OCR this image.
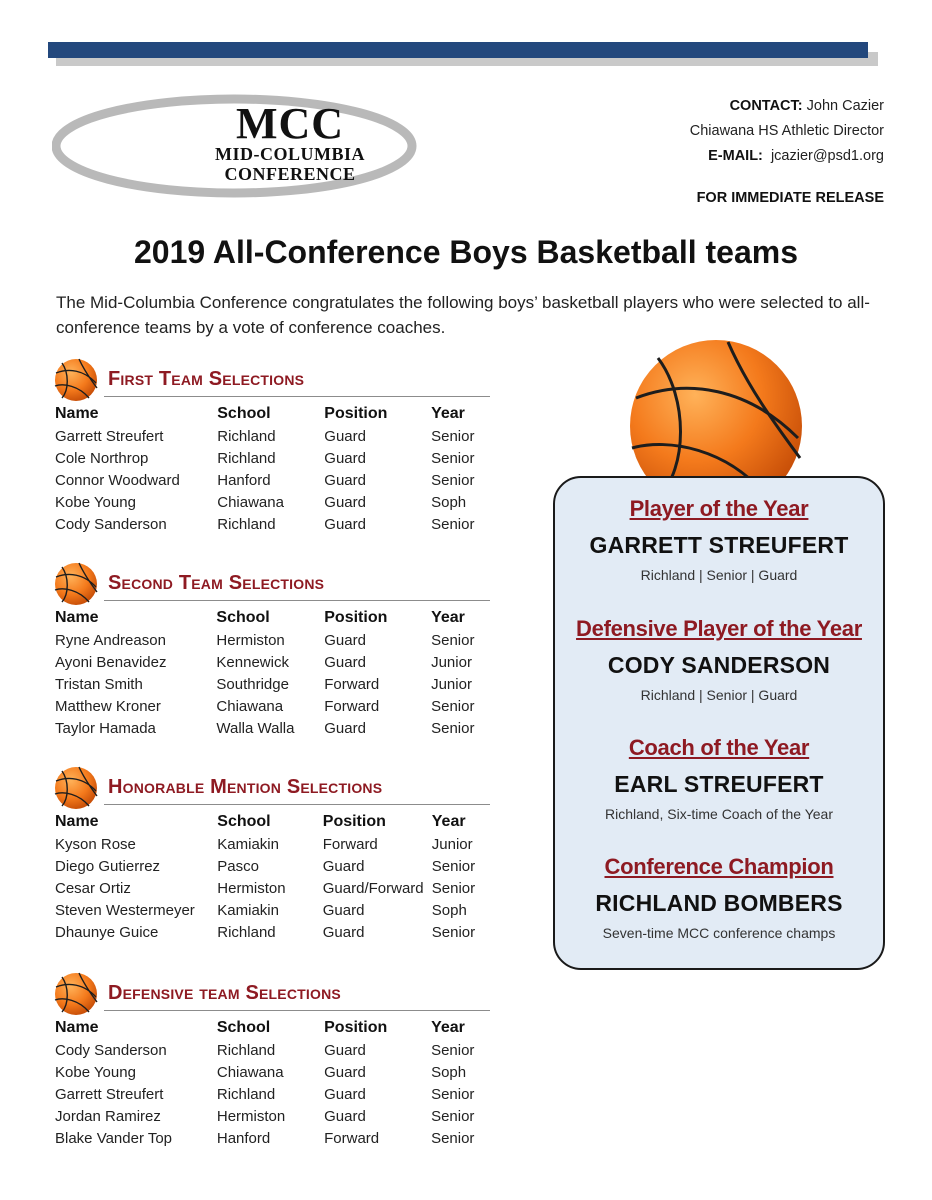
MCC
MID-COLUMBIA
CONFERENCE
CONTACT: John Cazier
Chiawana HS Athletic Director
E-MAIL: jcazier@psd1.org
FOR IMMEDIATE RELEASE
2019 All-Conference Boys Basketball teams
The Mid-Columbia Conference congratulates the following boys’ basketball players who were selected to all-conference teams by a vote of conference coaches.
First Team Selections
Name	School	Position	Year
Garrett Streufert	Richland	Guard	Senior
Cole Northrop	Richland	Guard	Senior
Connor Woodward	Hanford	Guard	Senior
Kobe Young	Chiawana	Guard	Soph
Cody Sanderson	Richland	Guard	Senior
Second Team Selections
Name	School	Position	Year
Ryne Andreason	Hermiston	Guard	Senior
Ayoni Benavidez	Kennewick	Guard	Junior
Tristan Smith	Southridge	Forward	Junior
Matthew Kroner	Chiawana	Forward	Senior
Taylor Hamada	Walla Walla	Guard	Senior
Honorable Mention Selections
Name	School	Position	Year
Kyson Rose	Kamiakin	Forward	Junior
Diego Gutierrez	Pasco	Guard	Senior
Cesar Ortiz	Hermiston	Guard/Forward	Senior
Steven Westermeyer	Kamiakin	Guard	Soph
Dhaunye Guice	Richland	Guard	Senior
Defensive team Selections
Name	School	Position	Year
Cody Sanderson	Richland	Guard	Senior
Kobe Young	Chiawana	Guard	Soph
Garrett Streufert	Richland	Guard	Senior
Jordan Ramirez	Hermiston	Guard	Senior
Blake Vander Top	Hanford	Forward	Senior
Player of the Year
GARRETT STREUFERT
Richland | Senior | Guard
Defensive Player of the Year
CODY SANDERSON
Richland | Senior | Guard
Coach of the Year
EARL STREUFERT
Richland, Six-time Coach of the Year
Conference Champion
RICHLAND BOMBERS
Seven-time MCC conference champs
